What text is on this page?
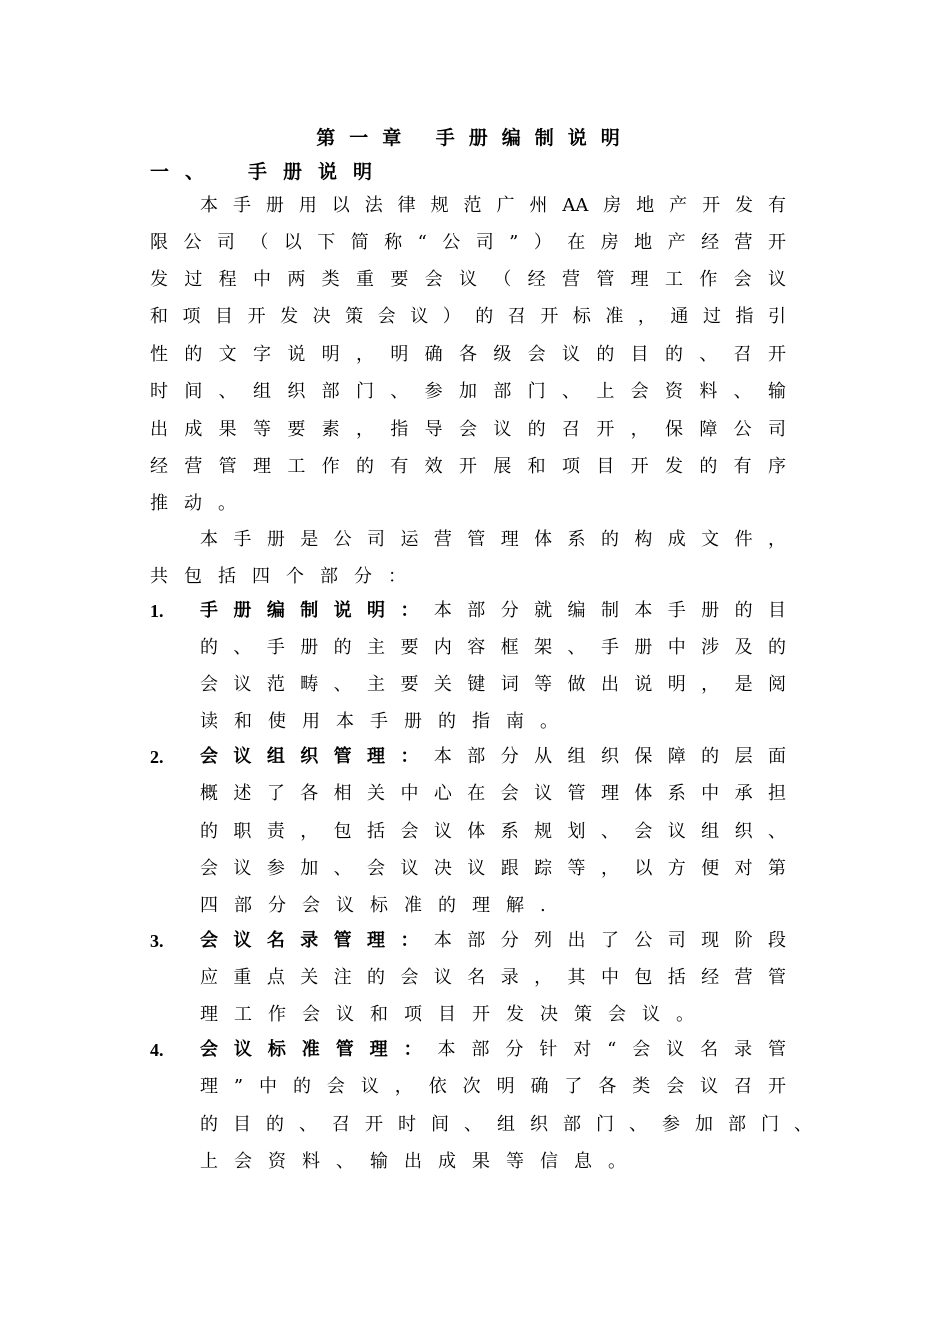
第一章 手册编制说明
一、 手册说明
本手册用以法律规范广州AA房地产开发有
限公司（以下简称“公司”）在房地产经营开
发过程中两类重要会议（经营管理工作会议
和项目开发决策会议）的召开标准，通过指引
性的文字说明，明确各级会议的目的、召开
时间、组织部门、参加部门、上会资料、输
出成果等要素，指导会议的召开，保障公司
经营管理工作的有效开展和项目开发的有序
推动。
本手册是公司运营管理体系的构成文件，
共包括四个部分：
1. 手册编制说明：本部分就编制本手册的目
的、手册的主要内容框架、手册中涉及的
会议范畴、主要关键词等做出说明，是阅
读和使用本手册的指南。
2. 会议组织管理：本部分从组织保障的层面
概述了各相关中心在会议管理体系中承担
的职责，包括会议体系规划、会议组织、
会议参加、会议决议跟踪等，以方便对第
四部分会议标准的理解.
3. 会议名录管理：本部分列出了公司现阶段
应重点关注的会议名录，其中包括经营管
理工作会议和项目开发决策会议。
4. 会议标准管理：本部分针对“会议名录管
理”中的会议，依次明确了各类会议召开
的目的、召开时间、组织部门、参加部门、
上会资料、输出成果等信息。
